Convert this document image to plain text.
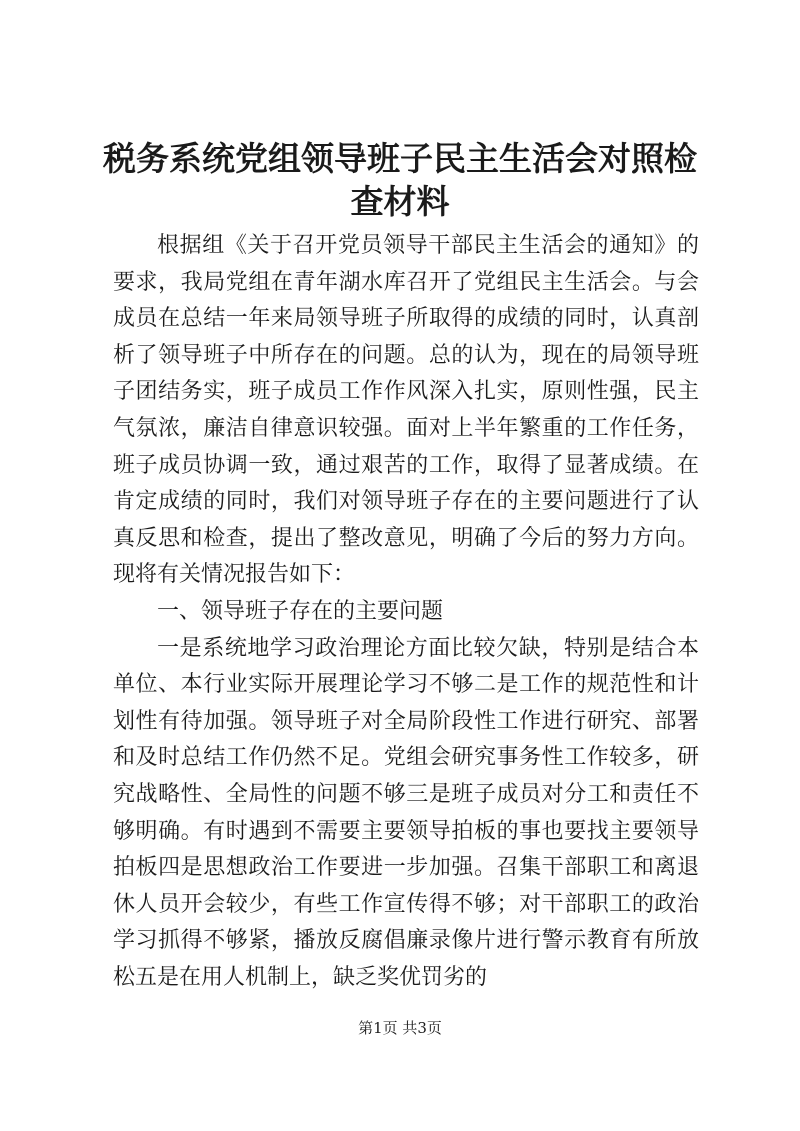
税务系统党组领导班子民主生活会对照检查材料

根据组《关于召开党员领导干部民主生活会的通知》的要求，我局党组在青年湖水库召开了党组民主生活会。与会成员在总结一年来局领导班子所取得的成绩的同时，认真剖析了领导班子中所存在的问题。总的认为，现在的局领导班子团结务实，班子成员工作作风深入扎实，原则性强，民主气氛浓，廉洁自律意识较强。面对上半年繁重的工作任务，班子成员协调一致，通过艰苦的工作，取得了显著成绩。在肯定成绩的同时，我们对领导班子存在的主要问题进行了认真反思和检查，提出了整改意见，明确了今后的努力方向。现将有关情况报告如下：

一、领导班子存在的主要问题

一是系统地学习政治理论方面比较欠缺，特别是结合本单位、本行业实际开展理论学习不够二是工作的规范性和计划性有待加强。领导班子对全局阶段性工作进行研究、部署和及时总结工作仍然不足。党组会研究事务性工作较多，研究战略性、全局性的问题不够三是班子成员对分工和责任不够明确。有时遇到不需要主要领导拍板的事也要找主要领导拍板四是思想政治工作要进一步加强。召集干部职工和离退休人员开会较少，有些工作宣传得不够；对干部职工的政治学习抓得不够紧，播放反腐倡廉录像片进行警示教育有所放松五是在用人机制上，缺乏奖优罚劣的

第1页 共3页
